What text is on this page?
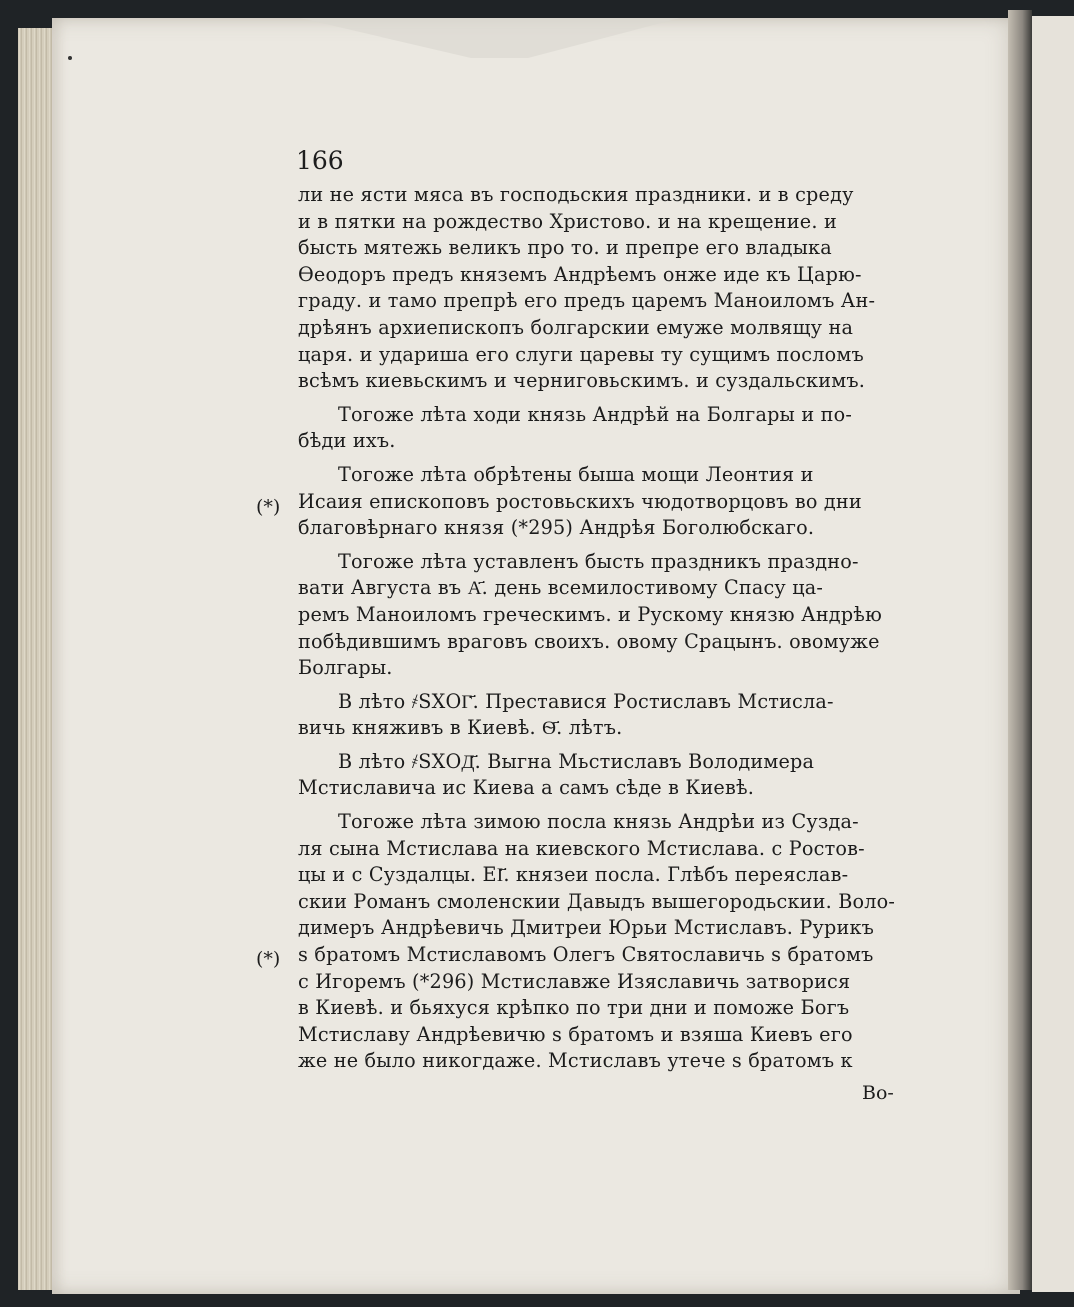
166
(*)
(*)
ли не ясти мяса въ господьския праздники. и в среду
и в пятки на рождество Христово. и на крещение. и
бысть мятежь великъ про то. и препре его владыка
Ѳеодоръ предъ княземъ Андрѣемъ онже иде къ Царю-
граду. и тамо препрѣ его предъ царемъ Маноиломъ Ан-
дрѣянъ архиепископъ болгарскии емуже молвящу на
царя. и удариша его слуги царевы ту сущимъ посломъ
всѣмъ киевьскимъ и черниговьскимъ. и суздальскимъ.
Тогоже лѣта ходи князь Андрѣй на Болгары и по-
бѣди ихъ.
Тогоже лѣта обрѣтены быша мощи Леонтия и
Исаия епископовъ ростовьскихъ чюдотворцовъ во дни
благовѣрнаго князя (*295) Андрѣя Боголюбскаго.
Тогоже лѣта уставленъ бысть праздникъ праздно-
вати Августа въ А҃. день всемилостивому Спасу ца-
ремъ Маноиломъ греческимъ. и Рускому князю Андрѣю
побѣдившимъ враговъ своихъ. овому Срацынъ. овомуже
Болгары.
В лѣто ҂ЅХОГ҃. Преставися Ростиславъ Мстисла-
вичь княживъ в Киевѣ. Ѳ҃. лѣтъ.
В лѣто ҂ЅХОД҃. Выгна Мьстиславъ Володимера
Мстиславича ис Киева а самъ сѣде в Киевѣ.
Тогоже лѣта зимою посла князь Андрѣи из Сузда-
ля сына Мстислава на киевского Мстислава. с Ростов-
цы и с Суздалцы. ЕІ҃. князеи посла. Глѣбъ переяслав-
скии Романъ смоленскии Давыдъ вышегородьскии. Воло-
димеръ Андрѣевичь Дмитреи Юрьи Мстиславъ. Рурикъ
ѕ братомъ Мстиславомъ Олегъ Святославичь ѕ братомъ
с Игоремъ (*296) Мстиславже Изяславичь затворися
в Киевѣ. и бьяхуся крѣпко по три дни и поможе Богъ
Мстиславу Андрѣевичю ѕ братомъ и взяша Киевъ его
же не было никогдаже. Мстиславъ утече ѕ братомъ к
Во-
